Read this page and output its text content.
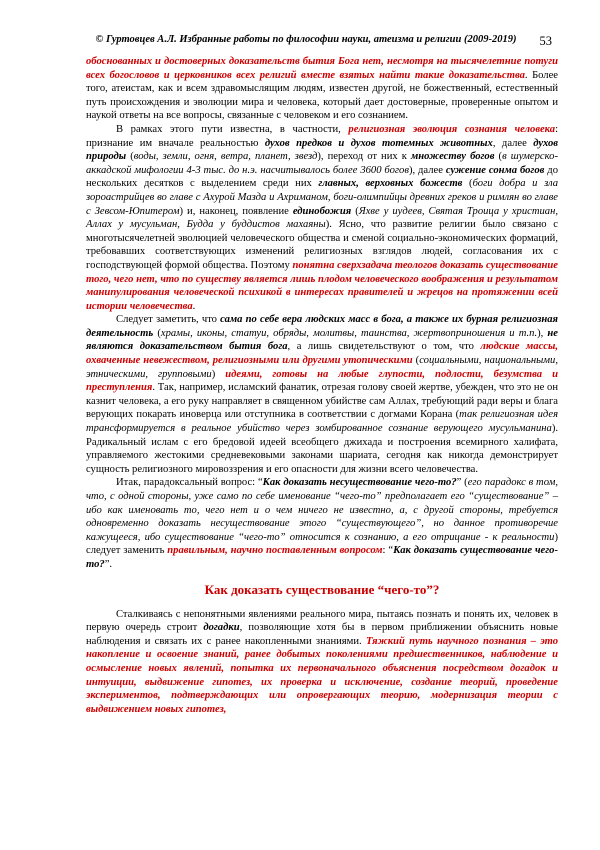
© Гуртовцев А.Л. Избранные работы по философии науки, атеизма и религии (2009-2019)	53

обоснованных и достоверных доказательств бытия Бога нет, несмотря на тысячелетние потуги всех богословов и церковников всех религий вместе взятых найти такие доказательства. Более того, атеистам, как и всем здравомыслящим людям, известен другой, не божественный, естественный путь происхождения и эволюции мира и человека, который дает достоверные, проверенные опытом и наукой ответы на все вопросы, связанные с человеком и его сознанием.

В рамках этого пути известна, в частности, религиозная эволюция сознания человека: признание им вначале реальностью духов предков и духов тотемных животных, далее духов природы (воды, земли, огня, ветра, планет, звезд), переход от них к множеству богов (в шумерско-аккадской мифологии 4-3 тыс. до н.э. насчитывалось более 3600 богов), далее сужение сонма богов до нескольких десятков с выделением среди них главных, верховных божеств (боги добра и зла зороастрийцев во главе с Ахурой Мазда и Ахриманом, боги-олимпийцы древних греков и римлян во главе с Зевсом-Юпитером) и, наконец, появление единобожия (Яхве у иудеев, Святая Троица у христиан, Аллах у мусульман, Будда у буддистов махаяны). Ясно, что развитие религии было связано с многотысячелетней эволюцией человеческого общества и сменой социально-экономических формаций, требовавших соответствующих изменений религиозных взглядов людей, согласования их с господствующей формой общества. Поэтому понятна сверхзадача теологов доказать существование того, чего нет, что по существу является лишь плодом человеческого воображения и результатом манипулирования человеческой психикой в интересах правителей и жрецов на протяжении всей истории человечества.

Следует заметить, что сама по себе вера людских масс в бога, а также их бурная религиозная деятельность (храмы, иконы, статуи, обряды, молитвы, таинства, жертвоприношения и т.п.), не являются доказательством бытия бога, а лишь свидетельствуют о том, что людские массы, охваченные невежеством, религиозными или другими утопическими (социальными, национальными, этническими, групповыми) идеями, готовы на любые глупости, подлости, безумства и преступления. Так, например, исламский фанатик, отрезая голову своей жертве, убежден, что это не он казнит человека, а его руку направляет в священном убийстве сам Аллах, требующий ради веры и блага верующих покарать иноверца или отступника в соответствии с догмами Корана (так религиозная идея трансформируется в реальное убийство через зомбированное сознание верующего мусульманина). Радикальный ислам с его бредовой идеей всеобщего джихада и построения всемирного халифата, управляемого жестокими средневековыми законами шариата, сегодня как никогда демонстрирует сущность религиозного мировоззрения и его опасности для жизни всего человечества.

Итак, парадоксальный вопрос: “Как доказать несуществование чего-то?” (его парадокс в том, что, с одной стороны, уже само по себе именование “чего-то” предполагает его “существование” – ибо как именовать то, чего нет и о чем ничего не известно, а, с другой стороны, требуется одновременно доказать несуществование этого “существующего”, но данное противоречие кажущееся, ибо существование “чего-то” относится к сознанию, а его отрицание - к реальности) следует заменить правильным, научно поставленным вопросом: “Как доказать существование чего-то?”.

Как доказать существование “чего-то”?

Сталкиваясь с непонятными явлениями реального мира, пытаясь познать и понять их, человек в первую очередь строит догадки, позволяющие хотя бы в первом приближении объяснить новые наблюдения и связать их с ранее накопленными знаниями. Тяжкий путь научного познания – это накопление и освоение знаний, ранее добытых поколениями предшественников, наблюдение и осмысление новых явлений, попытка их первоначального объяснения посредством догадок и интуиции, выдвижение гипотез, их проверка и исключение, создание теорий, проведение экспериментов, подтверждающих или опровергающих теорию, модернизация теории с выдвижением новых гипотез,
